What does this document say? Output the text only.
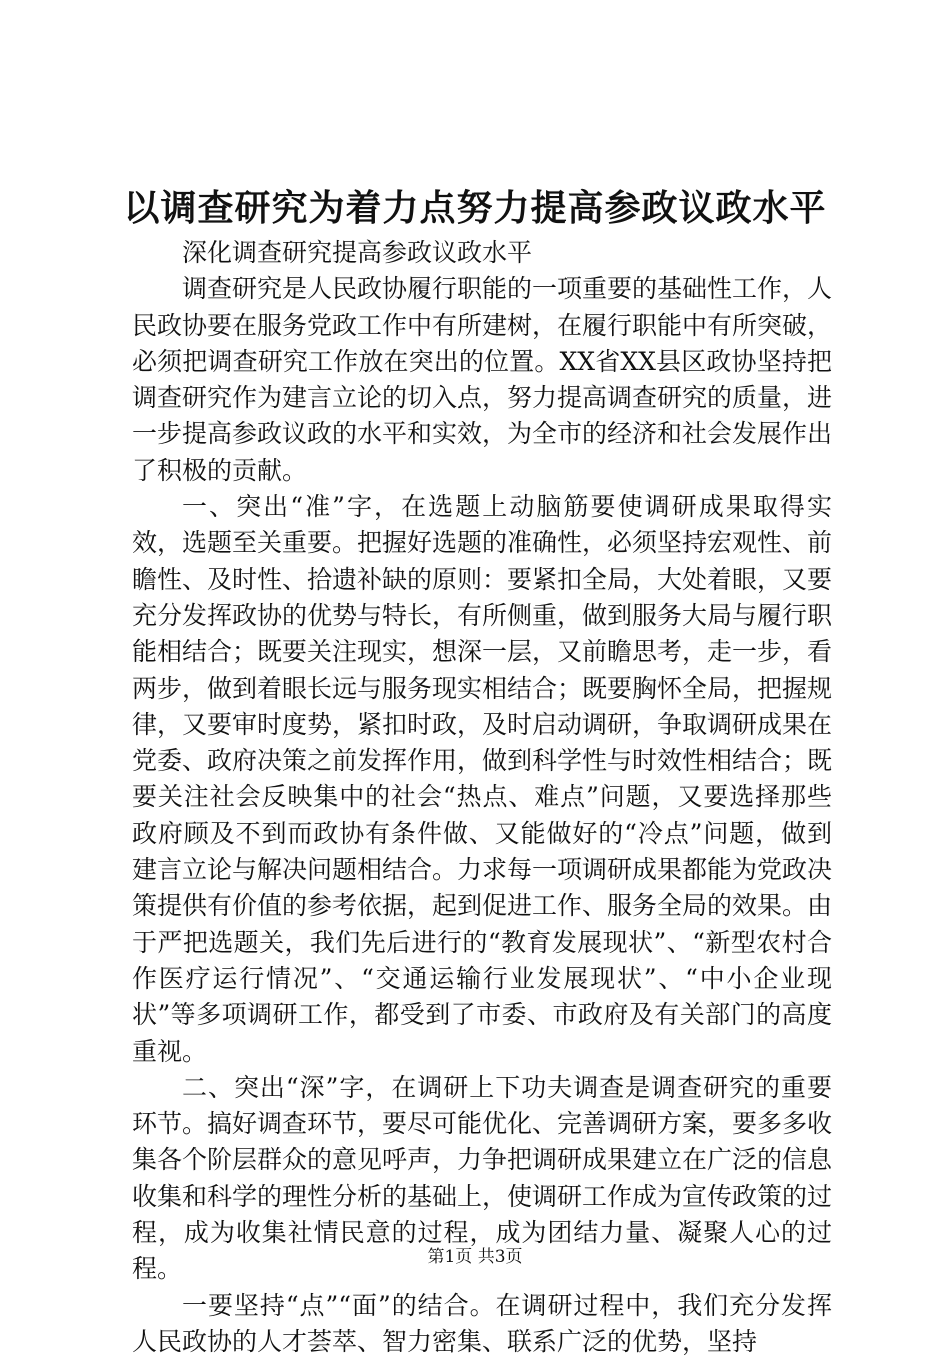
以调查研究为着力点努力提高参政议政水平

深化调查研究提高参政议政水平

调查研究是人民政协履行职能的一项重要的基础性工作，人民政协要在服务党政工作中有所建树，在履行职能中有所突破，必须把调查研究工作放在突出的位置。XX省XX县区政协坚持把调查研究作为建言立论的切入点，努力提高调查研究的质量，进一步提高参政议政的水平和实效，为全市的经济和社会发展作出了积极的贡献。

一、突出“准”字，在选题上动脑筋要使调研成果取得实效，选题至关重要。把握好选题的准确性，必须坚持宏观性、前瞻性、及时性、拾遗补缺的原则：要紧扣全局，大处着眼，又要充分发挥政协的优势与特长，有所侧重，做到服务大局与履行职能相结合；既要关注现实，想深一层，又前瞻思考，走一步，看两步，做到着眼长远与服务现实相结合；既要胸怀全局，把握规律，又要审时度势，紧扣时政，及时启动调研，争取调研成果在党委、政府决策之前发挥作用，做到科学性与时效性相结合；既要关注社会反映集中的社会“热点、难点”问题，又要选择那些政府顾及不到而政协有条件做、又能做好的“冷点”问题，做到建言立论与解决问题相结合。力求每一项调研成果都能为党政决策提供有价值的参考依据，起到促进工作、服务全局的效果。由于严把选题关，我们先后进行的“教育发展现状”、“新型农村合作医疗运行情况”、“交通运输行业发展现状”、“中小企业现状”等多项调研工作，都受到了市委、市政府及有关部门的高度重视。

二、突出“深”字，在调研上下功夫调查是调查研究的重要环节。搞好调查环节，要尽可能优化、完善调研方案，要多多收集各个阶层群众的意见呼声，力争把调研成果建立在广泛的信息收集和科学的理性分析的基础上，使调研工作成为宣传政策的过程，成为收集社情民意的过程，成为团结力量、凝聚人心的过程。

一要坚持“点”“面”的结合。在调研过程中，我们充分发挥人民政协的人才荟萃、智力密集、联系广泛的优势，坚持

第1页 共3页
